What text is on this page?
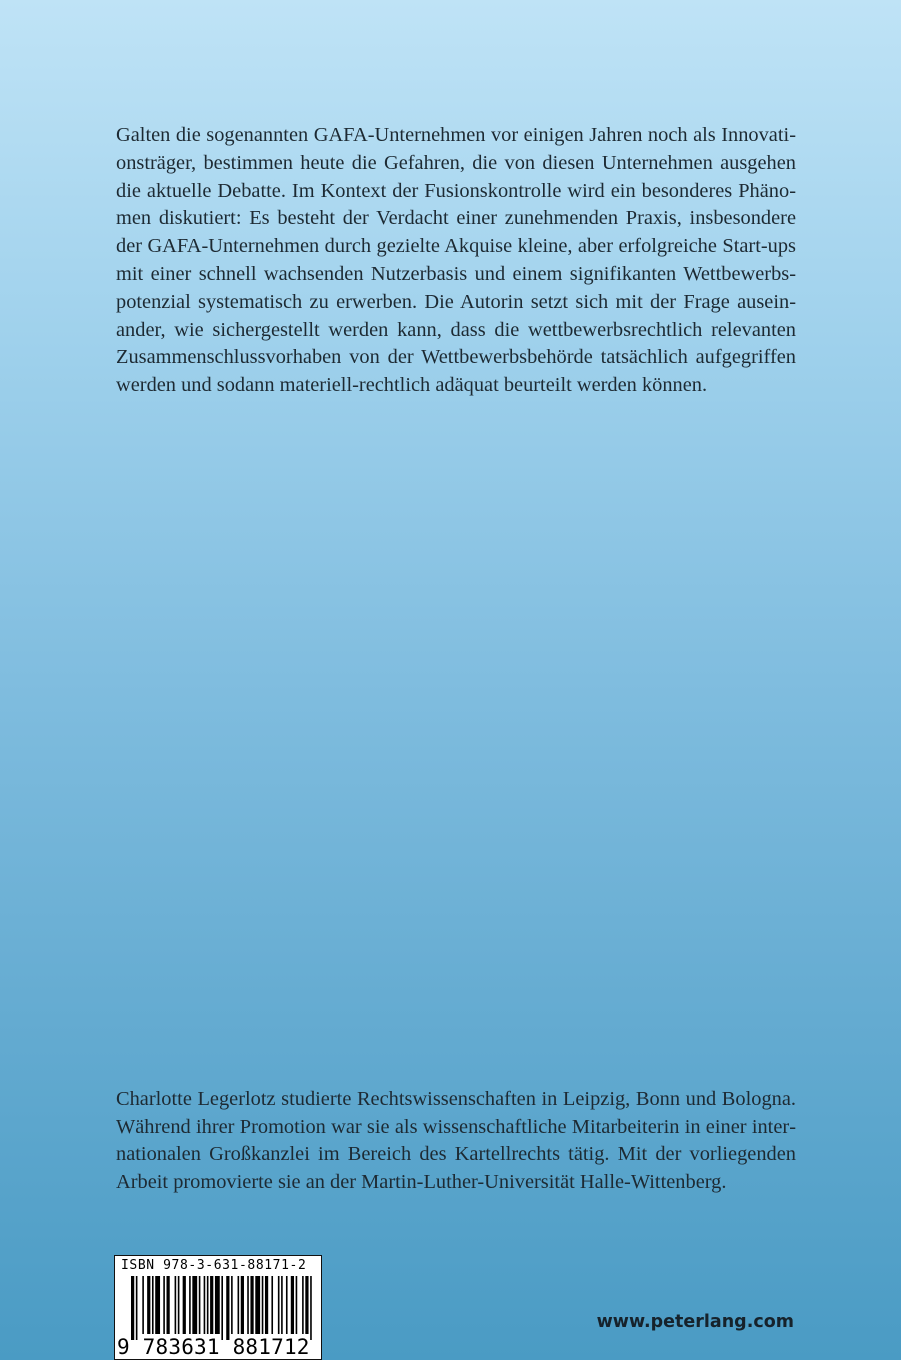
Galten die sogenannten GAFA-Unternehmen vor einigen Jahren noch als Innovationsträger, bestimmen heute die Gefahren, die von diesen Unternehmen ausgehen die aktuelle Debatte. Im Kontext der Fusionskontrolle wird ein besonderes Phänomen diskutiert: Es besteht der Verdacht einer zunehmenden Praxis, insbesondere der GAFA-Unternehmen durch gezielte Akquise kleine, aber erfolgreiche Start-ups mit einer schnell wachsenden Nutzerbasis und einem signifikanten Wettbewerbspotenzial systematisch zu erwerben. Die Autorin setzt sich mit der Frage auseinander, wie sichergestellt werden kann, dass die wettbewerbsrechtlich relevanten Zusammenschlussvorhaben von der Wettbewerbsbehörde tatsächlich aufgegriffen werden und sodann materiell-rechtlich adäquat beurteilt werden können.
Charlotte Legerlotz studierte Rechtswissenschaften in Leipzig, Bonn und Bologna. Während ihrer Promotion war sie als wissenschaftliche Mitarbeiterin in einer internationalen Großkanzlei im Bereich des Kartellrechts tätig. Mit der vorliegenden Arbeit promovierte sie an der Martin-Luther-Universität Halle-Wittenberg.
ISBN 978-3-631-88171-2
9 783631 881712
www.peterlang.com
